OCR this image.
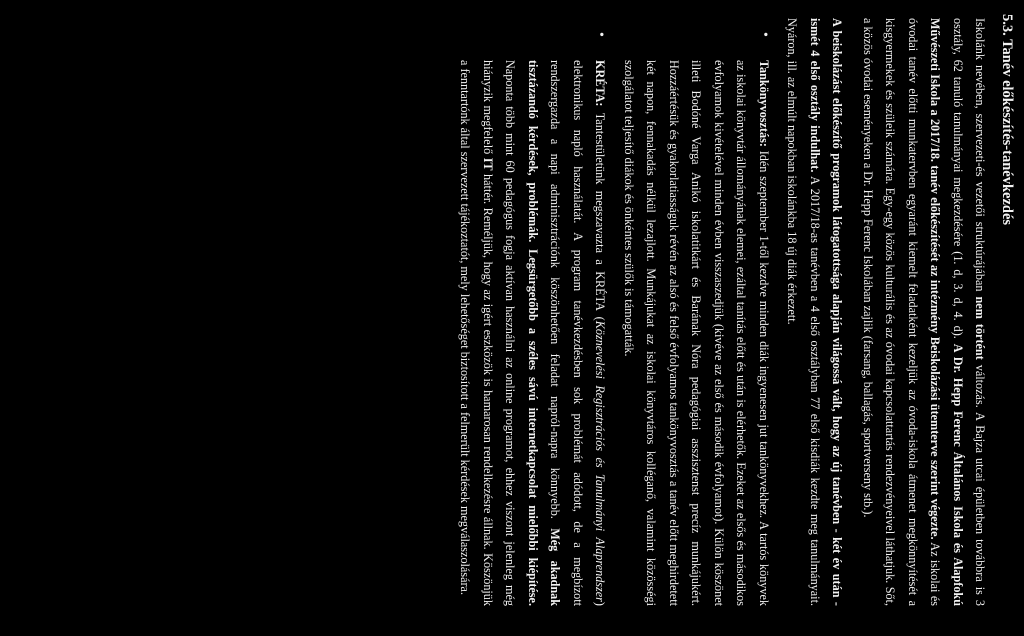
5.3. Tanév előkészítés-tanévkezdés

Iskolánk nevében, szervezeti-és vezetői struktúrájában nem történt változás. A Bajza utcai épületben továbbra is 3 osztály, 62 tanuló tanulmányai megkezdésére (1. d, 3. d, 4. d). A Dr. Hepp Ferenc Általános Iskola és Alapfokú Művészeti Iskola a 2017/18. tanév előkészítését az intézmény Beiskolázási ütemterve szerint végezte. Az iskolai és óvodai tanév előtti munkatervben egyaránt kiemelt feladatként kezeljük az óvoda-iskola átmenet megkönnyítését a kisgyermekek és szüleik számára. Egy-egy közös kulturális és az óvodai kapcsolattartás rendezvényeivel láthatjuk. Sőt, a közös óvodai eseményeken a Dr. Hepp Ferenc Iskolában zajlik (farsang, ballagás, sportverseny stb.).

A beiskolázást előkészítő programok látogatottsága alapján világossá vált, hogy az új tanévben - két év után - ismét 4 első osztály indulhat. A 2017/18-as tanévben a 4 első osztályban 77 első kisdiák kezdte meg tanulmányait. Nyáron, ill. az elmúlt napokban iskolánkba 18 új diák érkezett.

•

Tankönyvosztás: Idén szeptember 1-től kezdve minden diák ingyenesen jut tankönyvekhez. A tartós könyvek az iskolai könyvtár állományának elemei, ezáltal tanítás előtt és után is elérhetők. Ezeket az elsős és másodikos évfolyamok kivételével minden évben visszaszedjük (kivéve az első és második évfolyamot). Külön köszönet illeti Bodóné Varga Anikó iskolatitkárt és Barának Nóra pedagógiai asszisztenst precíz munkájukért. Hozzáértésük és gyakorlatiasságuk révén az alsó és felső évfolyamos tankönyvosztás a tanév előtt meghirdetett két napon, fennakadás nélkül lezajlott. Munkájukat az iskolai könyvtáros kolléganő, valamint közösségi szolgálatot teljesítő diákok és önkéntes szülők is támogatták.

•

KRÉTA: Tantestületünk megszavazta a KRÉTA (Köznevelési Regisztrációs és Tanulmányi Alaprendszer) elektronikus napló használatát. A program tanévkezdésben sok problémát adódott, de a megbízott rendszergazda a napi adminisztrációnk köszönhetően feladat napról-napra könnyebb. Még akadnak tisztázandó kérdések, problémák. Legsürgetőbb a széles sávú internetkapcsolat mielőbbi kiépítése. Naponta több mint 60 pedagógus fogja aktívan használni az online programot, ehhez viszont jelenleg még hiányzik megfelelő IT háttér. Reméljük, hogy az igért eszközök is hamarosan rendelkezésre állnak. Köszönjük a fenntartónk által szervezett tájékoztatót, mely lehetőséget biztosított a felmerült kérdések megválaszolására.
